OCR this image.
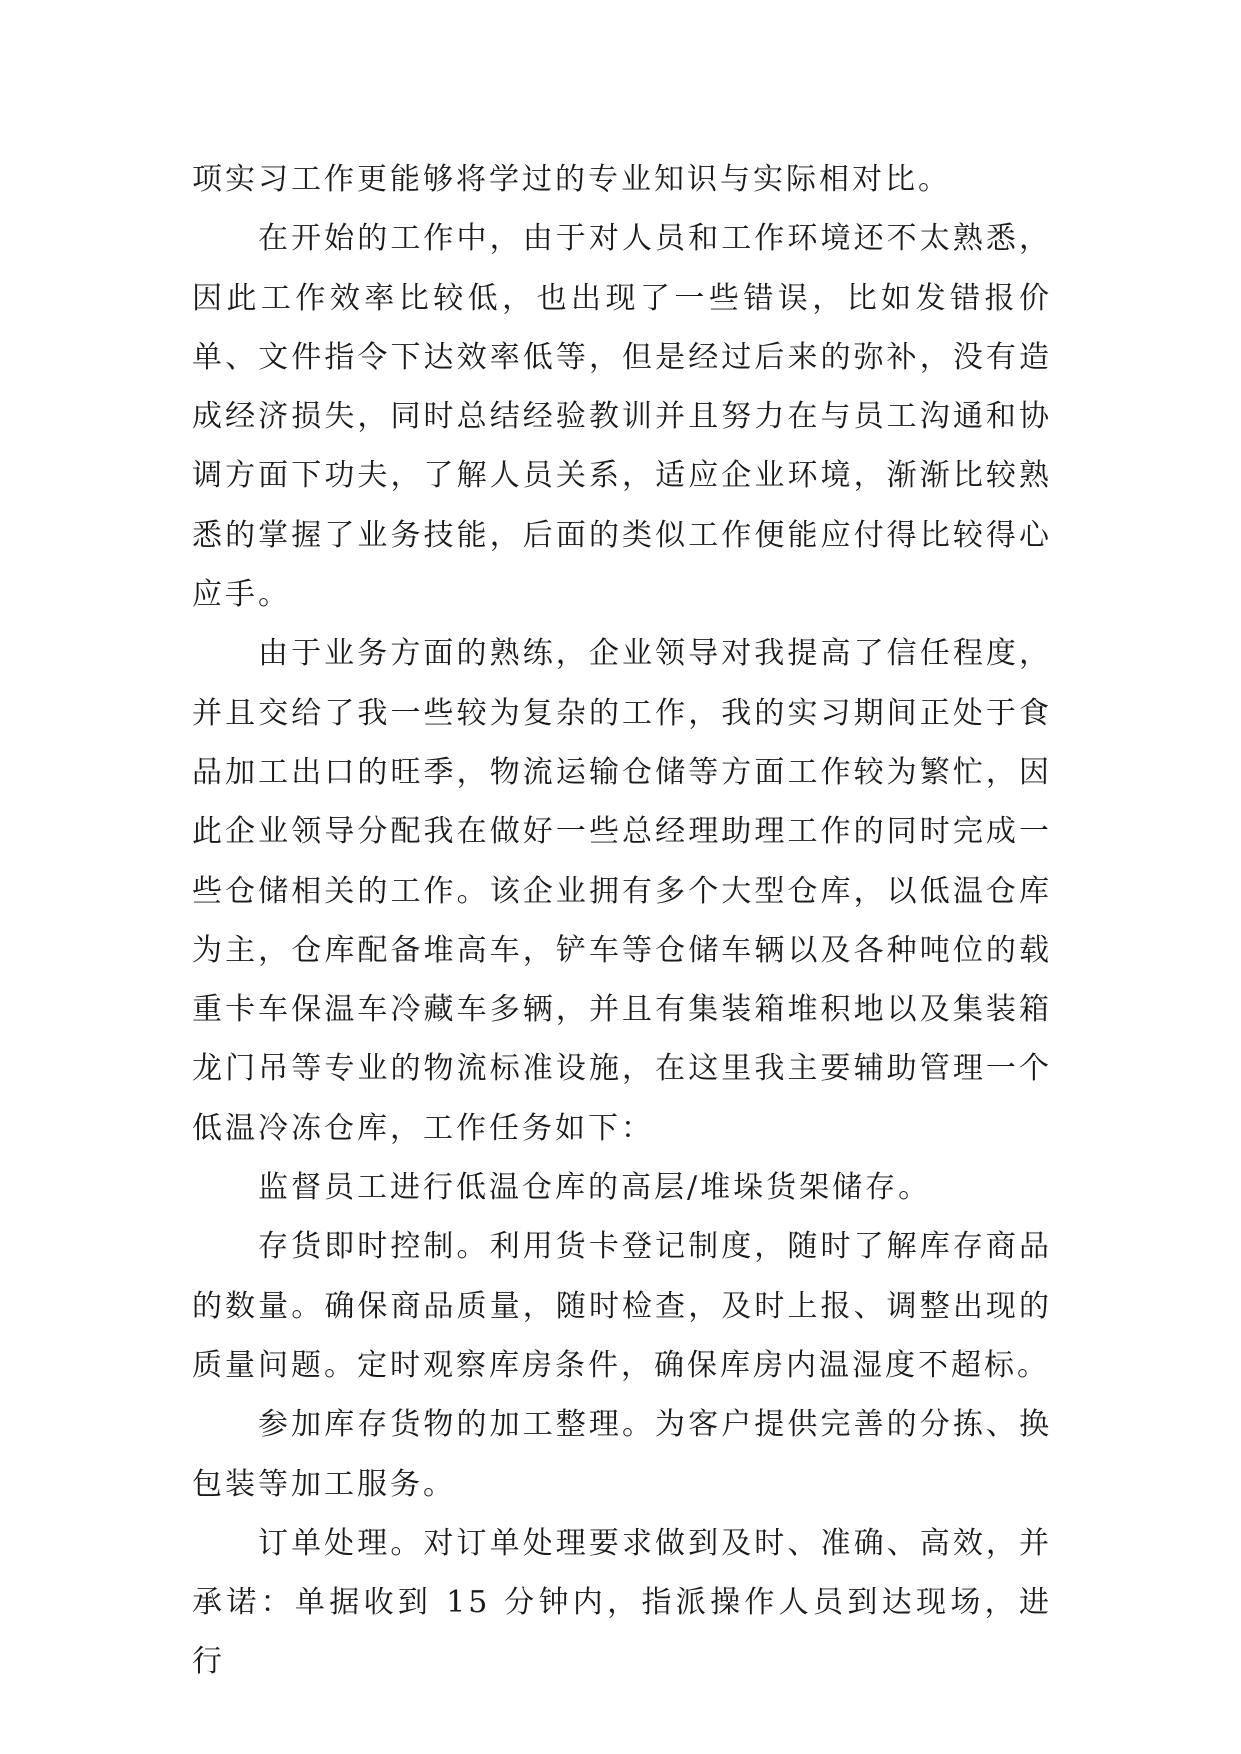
项实习工作更能够将学过的专业知识与实际相对比。

在开始的工作中，由于对人员和工作环境还不太熟悉，因此工作效率比较低，也出现了一些错误，比如发错报价单、文件指令下达效率低等，但是经过后来的弥补，没有造成经济损失，同时总结经验教训并且努力在与员工沟通和协调方面下功夫，了解人员关系，适应企业环境，渐渐比较熟悉的掌握了业务技能，后面的类似工作便能应付得比较得心应手。

由于业务方面的熟练，企业领导对我提高了信任程度，并且交给了我一些较为复杂的工作，我的实习期间正处于食品加工出口的旺季，物流运输仓储等方面工作较为繁忙，因此企业领导分配我在做好一些总经理助理工作的同时完成一些仓储相关的工作。该企业拥有多个大型仓库，以低温仓库为主，仓库配备堆高车，铲车等仓储车辆以及各种吨位的载重卡车保温车冷藏车多辆，并且有集装箱堆积地以及集装箱龙门吊等专业的物流标准设施，在这里我主要辅助管理一个低温冷冻仓库，工作任务如下：

监督员工进行低温仓库的高层/堆垛货架储存。

存货即时控制。利用货卡登记制度，随时了解库存商品的数量。确保商品质量，随时检查，及时上报、调整出现的质量问题。定时观察库房条件，确保库房内温湿度不超标。

参加库存货物的加工整理。为客户提供完善的分拣、换包装等加工服务。

订单处理。对订单处理要求做到及时、准确、高效，并承诺：单据收到 15 分钟内，指派操作人员到达现场，进行
